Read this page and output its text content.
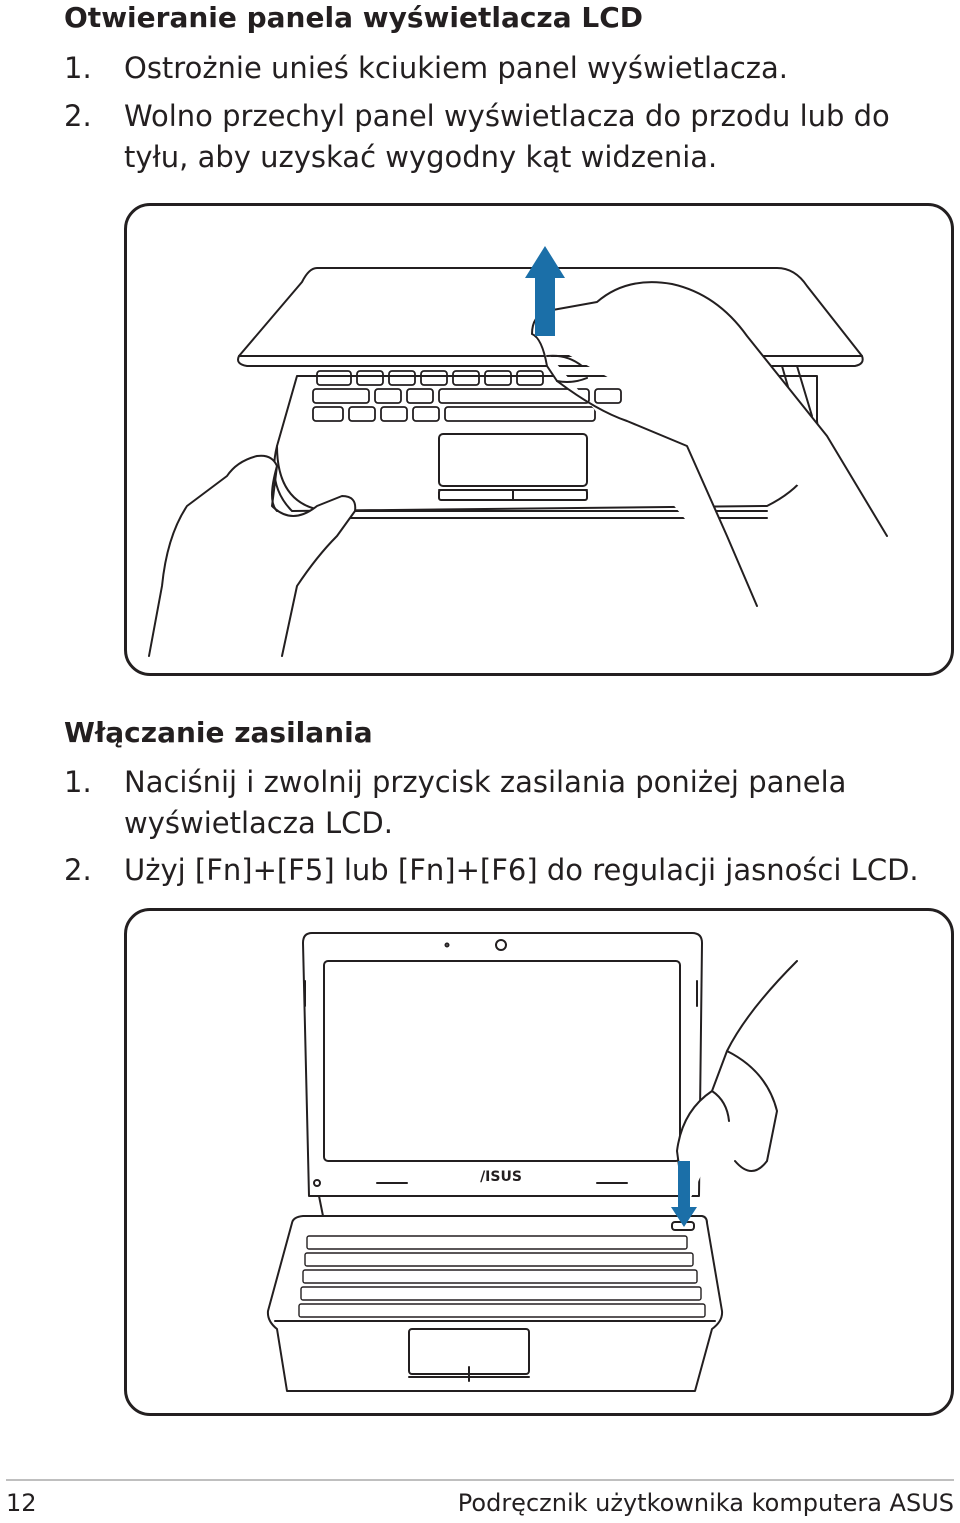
Otwieranie panela wyświetlacza LCD
1. Ostrożnie unieś kciukiem panel wyświetlacza.
2. Wolno przechyl panel wyświetlacza do przodu lub do tyłu, aby uzyskać wygodny kąt widzenia.
Włączanie zasilania
1. Naciśnij i zwolnij przycisk zasilania poniżej panela wyświetlacza LCD.
2. Użyj [Fn]+[F5] lub [Fn]+[F6] do regulacji jasności LCD.
/ISUS
12	Podręcznik użytkownika komputera ASUS
